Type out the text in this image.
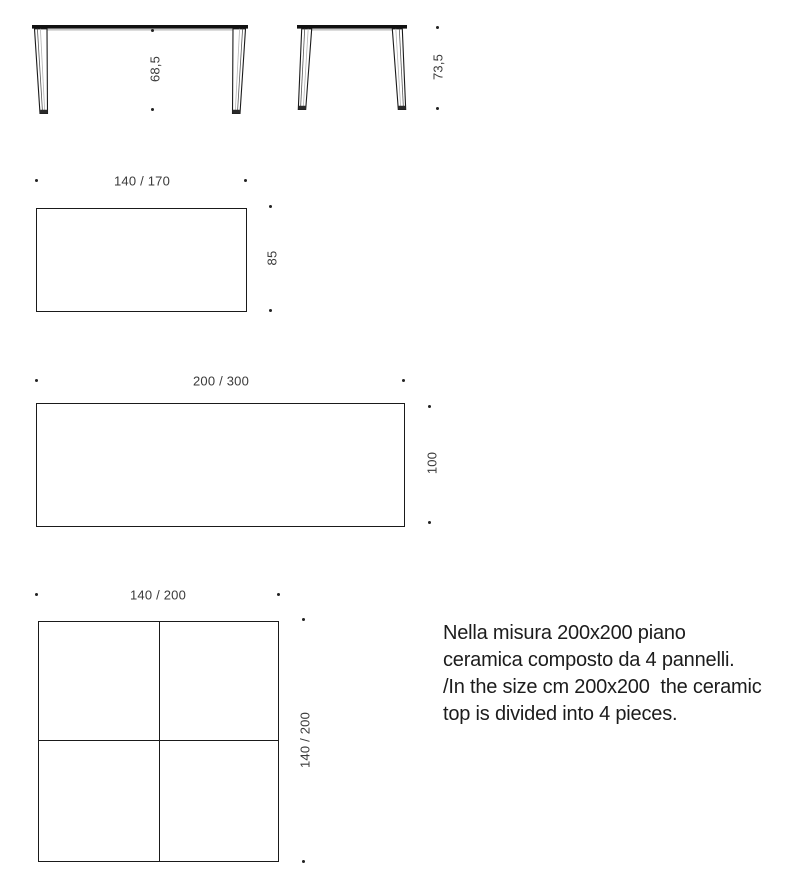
68,5	73,5
140 / 170
85
200 / 300
100
140 / 200
140 / 200
Nella misura 200x200 piano
ceramica composto da 4 pannelli.
/In the size cm 200x200  the ceramic
top is divided into 4 pieces.
